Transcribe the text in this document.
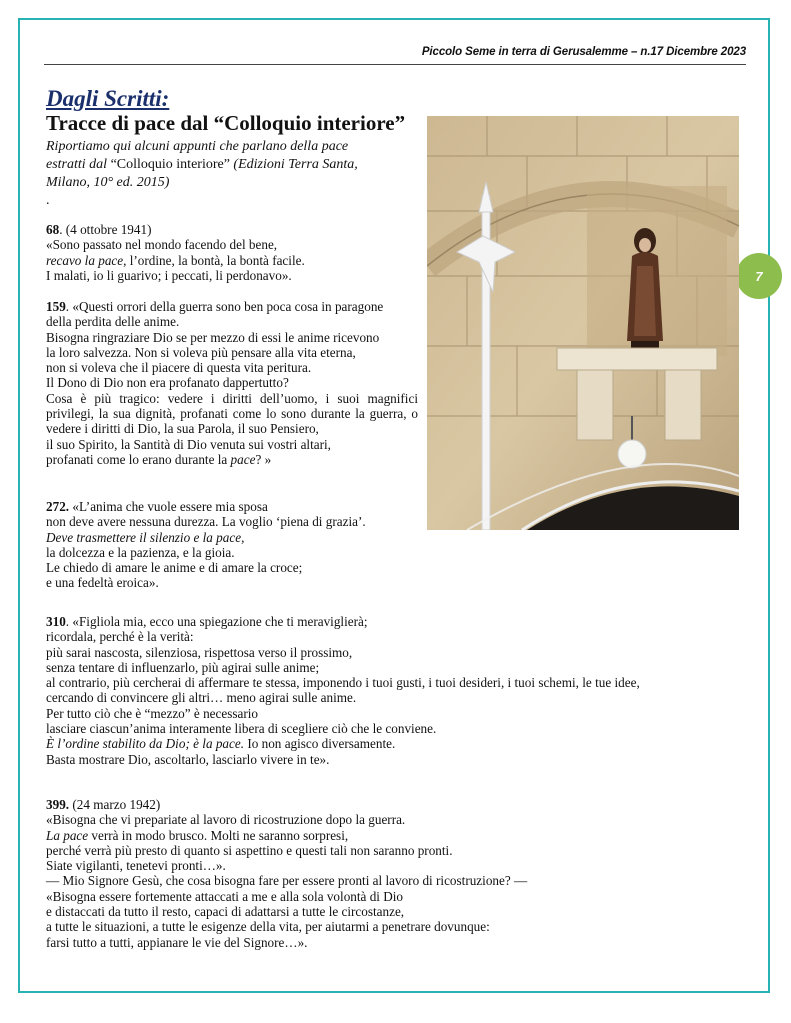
Piccolo Seme in terra di Gerusalemme – n.17 Dicembre 2023
7
Dagli Scritti:
Tracce di pace dal “Colloquio interiore”
Riportiamo qui alcuni appunti che parlano della pace
estratti dal “Colloquio interiore” (Edizioni Terra Santa,
Milano, 10° ed. 2015)
.
68. (4 ottobre 1941)
«Sono passato nel mondo facendo del bene,
recavo la pace, l’ordine, la bontà, la bontà facile.
I malati, io li guarivo; i peccati, li perdonavo».
159. «Questi orrori della guerra sono ben poca cosa in paragone
della perdita delle anime.
Bisogna ringraziare Dio se per mezzo di essi le anime ricevono
la loro salvezza. Non si voleva più pensare alla vita eterna,
non si voleva che il piacere di questa vita peritura.
Il Dono di Dio non era profanato dappertutto?
Cosa è più tragico: vedere i diritti dell’uomo, i suoi magnifici privilegi, la sua dignità, profanati come lo sono durante la guerra, o vedere i diritti di Dio, la sua Parola, il suo Pensiero,
il suo Spirito, la Santità di Dio venuta sui vostri altari,
profanati come lo erano durante la pace? »
272. «L’anima che vuole essere mia sposa
non deve avere nessuna durezza. La voglio ‘piena di grazia’.
Deve trasmettere il silenzio e la pace,
la dolcezza e la pazienza, e la gioia.
Le chiedo di amare le anime e di amare la croce;
e una fedeltà eroica».
310. «Figliola mia, ecco una spiegazione che ti meraviglierà;
ricordala, perché è la verità:
più sarai nascosta, silenziosa, rispettosa verso il prossimo,
senza tentare di influenzarlo, più agirai sulle anime;
al contrario, più cercherai di affermare te stessa, imponendo i tuoi gusti, i tuoi desideri, i tuoi schemi, le tue idee,
cercando di convincere gli altri… meno agirai sulle anime.
Per tutto ciò che è “mezzo” è necessario
lasciare ciascun’anima interamente libera di scegliere ciò che le conviene.
È l’ordine stabilito da Dio; è la pace. Io non agisco diversamente.
Basta mostrare Dio, ascoltarlo, lasciarlo vivere in te».
399. (24 marzo 1942)
«Bisogna che vi prepariate al lavoro di ricostruzione dopo la guerra.
La pace verrà in modo brusco. Molti ne saranno sorpresi,
perché verrà più presto di quanto si aspettino e questi tali non saranno pronti.
Siate vigilanti, tenetevi pronti…».
— Mio Signore Gesù, che cosa bisogna fare per essere pronti al lavoro di ricostruzione? —
«Bisogna essere fortemente attaccati a me e alla sola volontà di Dio
e distaccati da tutto il resto, capaci di adattarsi a tutte le circostanze,
a tutte le situazioni, a tutte le esigenze della vita, per aiutarmi a penetrare dovunque:
farsi tutto a tutti, appianare le vie del Signore…».
